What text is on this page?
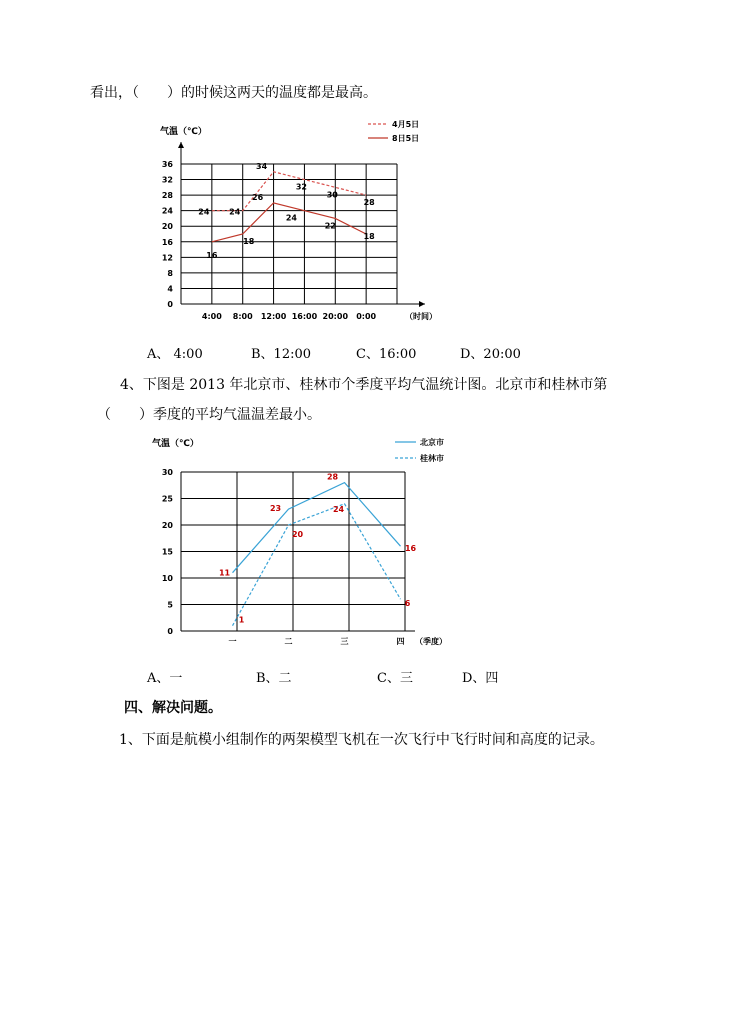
看出，（　　）的时候这两天的温度都是最高。
0
4
8
12
16
20
24
28
32
36
气温（℃）
（时间）
4:00 8:00 12:00 16:00 20:00 0:00
24 24
34
32
30
28
4月5日
16
18
26
24
22
18
8日5日
A、 4:00	B、12:00	C、16:00	D、20:00
4、下图是 2013 年北京市、桂林市个季度平均气温统计图。北京市和桂林市第
（　　）季度的平均气温温差最小。
0
5
10
15
20
25
30
气温（℃）
（季度）
一	二	三	四
11
23
28
16
北京市
1
20
24
6
桂林市
A、一	B、二	C、三	D、四
四、解决问题。
1、下面是航模小组制作的两架模型飞机在一次飞行中飞行时间和高度的记录。
